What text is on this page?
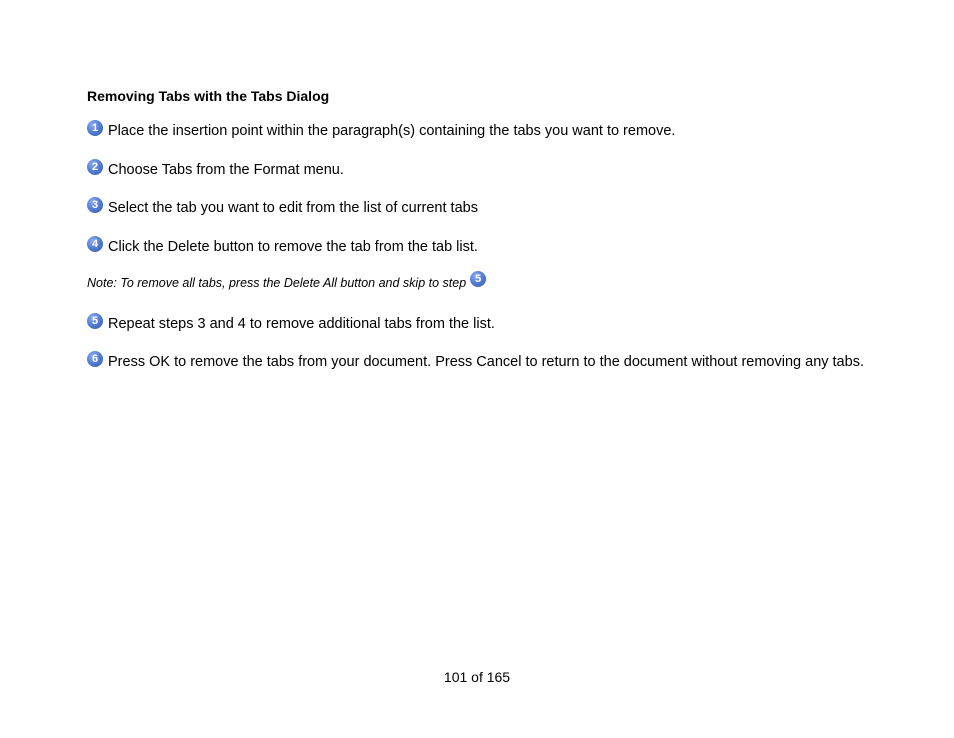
Removing Tabs with the Tabs Dialog
1 Place the insertion point within the paragraph(s) containing the tabs you want to remove.
2 Choose Tabs from the Format menu.
3 Select the tab you want to edit from the list of current tabs
4 Click the Delete button to remove the tab from the tab list.
Note: To remove all tabs, press the Delete All button and skip to step 5
5 Repeat steps 3 and 4 to remove additional tabs from the list.
6 Press OK to remove the tabs from your document. Press Cancel to return to the document without removing any tabs.
101 of 165
